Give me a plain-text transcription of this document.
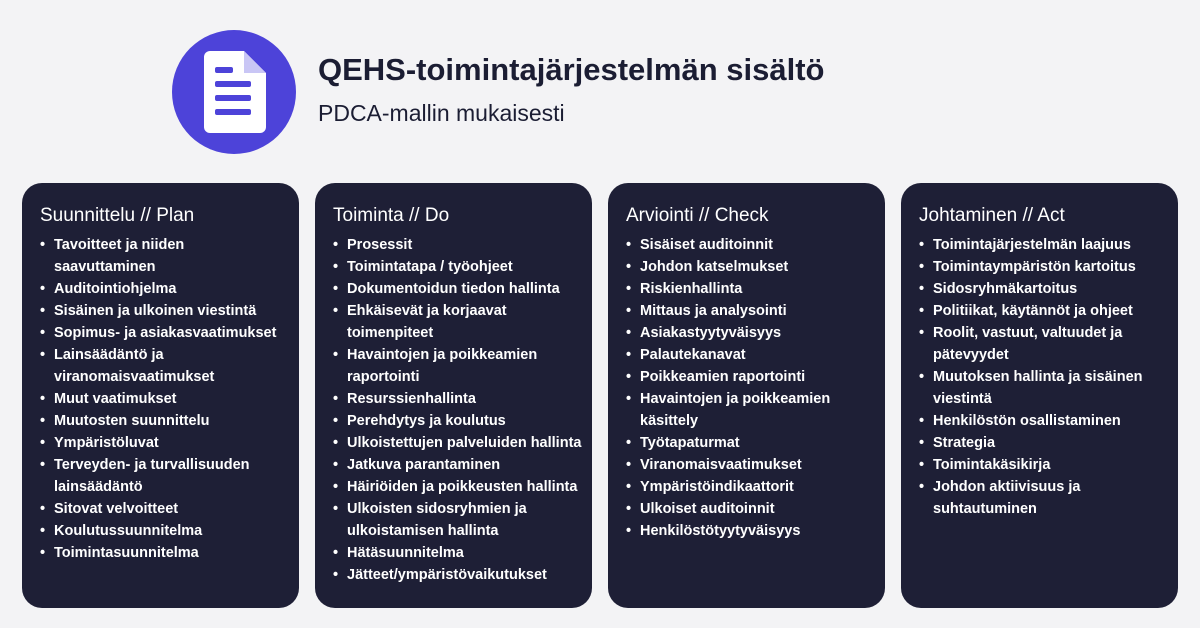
QEHS-toimintajärjestelmän sisältö
PDCA-mallin mukaisesti
Suunnittelu // Plan
• Tavoitteet ja niiden saavuttaminen
• Auditointiohjelma
• Sisäinen ja ulkoinen viestintä
• Sopimus- ja asiakasvaatimukset
• Lainsäädäntö ja viranomaisvaatimukset
• Muut vaatimukset
• Muutosten suunnittelu
• Ympäristöluvat
• Terveyden- ja turvallisuuden lainsäädäntö
• Sitovat velvoitteet
• Koulutussuunnitelma
• Toimintasuunnitelma
Toiminta // Do
• Prosessit
• Toimintatapa / työohjeet
• Dokumentoidun tiedon hallinta
• Ehkäisevät ja korjaavat toimenpiteet
• Havaintojen ja poikkeamien raportointi
• Resurssienhallinta
• Perehdytys ja koulutus
• Ulkoistettujen palveluiden hallinta
• Jatkuva parantaminen
• Häiriöiden ja poikkeusten hallinta
• Ulkoisten sidosryhmien ja ulkoistamisen hallinta
• Hätäsuunnitelma
• Jätteet/ympäristövaikutukset
Arviointi // Check
• Sisäiset auditoinnit
• Johdon katselmukset
• Riskienhallinta
• Mittaus ja analysointi
• Asiakastyytyväisyys
• Palautekanavat
• Poikkeamien raportointi
• Havaintojen ja poikkeamien käsittely
• Työtapaturmat
• Viranomaisvaatimukset
• Ympäristöindikaattorit
• Ulkoiset auditoinnit
• Henkilöstötyytyväisyys
Johtaminen // Act
• Toimintajärjestelmän laajuus
• Toimintaympäristön kartoitus
• Sidosryhmäkartoitus
• Politiikat, käytännöt ja ohjeet
• Roolit, vastuut, valtuudet ja pätevyydet
• Muutoksen hallinta ja sisäinen viestintä
• Henkilöstön osallistaminen
• Strategia
• Toimintakäsikirja
• Johdon aktiivisuus ja suhtautuminen
